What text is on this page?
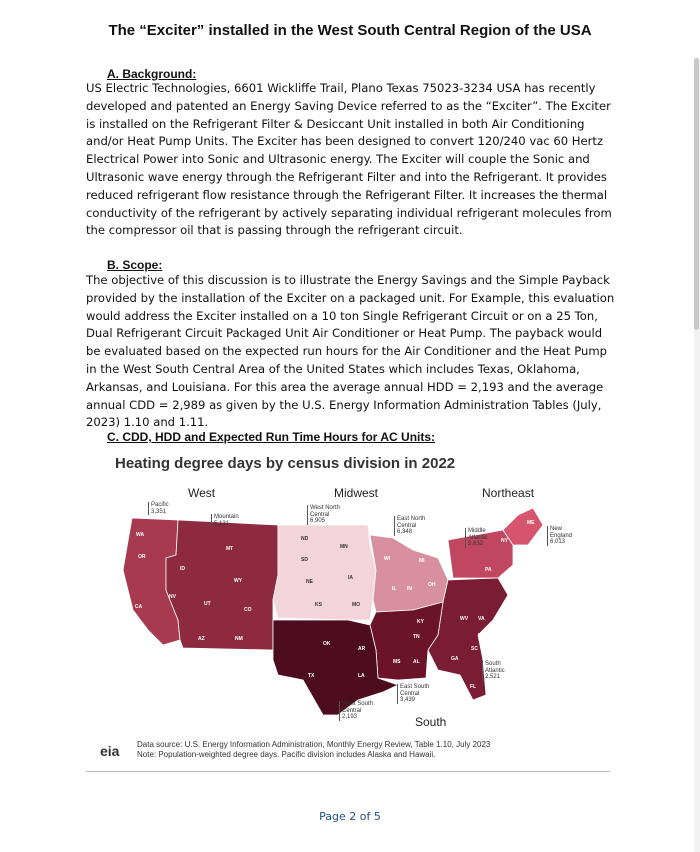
The “Exciter” installed in the West South Central Region of the USA
A. Background:

US Electric Technologies, 6601 Wickliffe Trail, Plano Texas 75023-3234 USA has recently developed and patented an Energy Saving Device referred to as the “Exciter”. The Exciter is installed on the Refrigerant Filter & Desiccant Unit installed in both Air Conditioning and/or Heat Pump Units. The Exciter has been designed to convert 120/240 vac 60 Hertz Electrical Power into Sonic and Ultrasonic energy. The Exciter will couple the Sonic and Ultrasonic wave energy through the Refrigerant Filter and into the Refrigerant. It provides reduced refrigerant flow resistance through the Refrigerant Filter. It increases the thermal conductivity of the refrigerant by actively separating individual refrigerant molecules from the compressor oil that is passing through the refrigerant circuit.

B. Scope:

The objective of this discussion is to illustrate the Energy Savings and the Simple Payback provided by the installation of the Exciter on a packaged unit. For Example, this evaluation would address the Exciter installed on a 10 ton Single Refrigerant Circuit or on a 25 Ton, Dual Refrigerant Circuit Packaged Unit Air Conditioner or Heat Pump. The payback would be evaluated based on the expected run hours for the Air Conditioner and the Heat Pump in the West South Central Area of the United States which includes Texas, Oklahoma, Arkansas, and Louisiana. For this area the average annual HDD = 2,193 and the average annual CDD = 2,989 as given by the U.S. Energy Information Administration Tables (July, 2023) 1.10 and 1.11.

C. CDD, HDD and Expected Run Time Hours for AC Units:
Heating degree days by census division in 2022
West	Midwest	Northeast
South
WA
OR
CA
NV
ID
MT
WY
UT
CO
AZ	NM
ND
SD
NE
KS
MN
IA
MO
WI
IL IN
OH
MI
PA
NY
ME
KY
TN
MS	AL	GA
SC
NC
VA
WV
FL
OK
AR
LA
TX
Pacific
3,351
Mountain
5,131
West North
Central
6,905	East North
Central
6,348	Middle
Atlantic
5,632
New
England
6,013
South
Atlantic
2,521
East South
Central
3,439
West South
Central
2,193
eia Data source: U.S. Energy Information Administration, Monthly Energy Review, Table 1.10, July 2023
Note: Population-weighted degree days. Pacific division includes Alaska and Hawaii.
Page 2 of 5
